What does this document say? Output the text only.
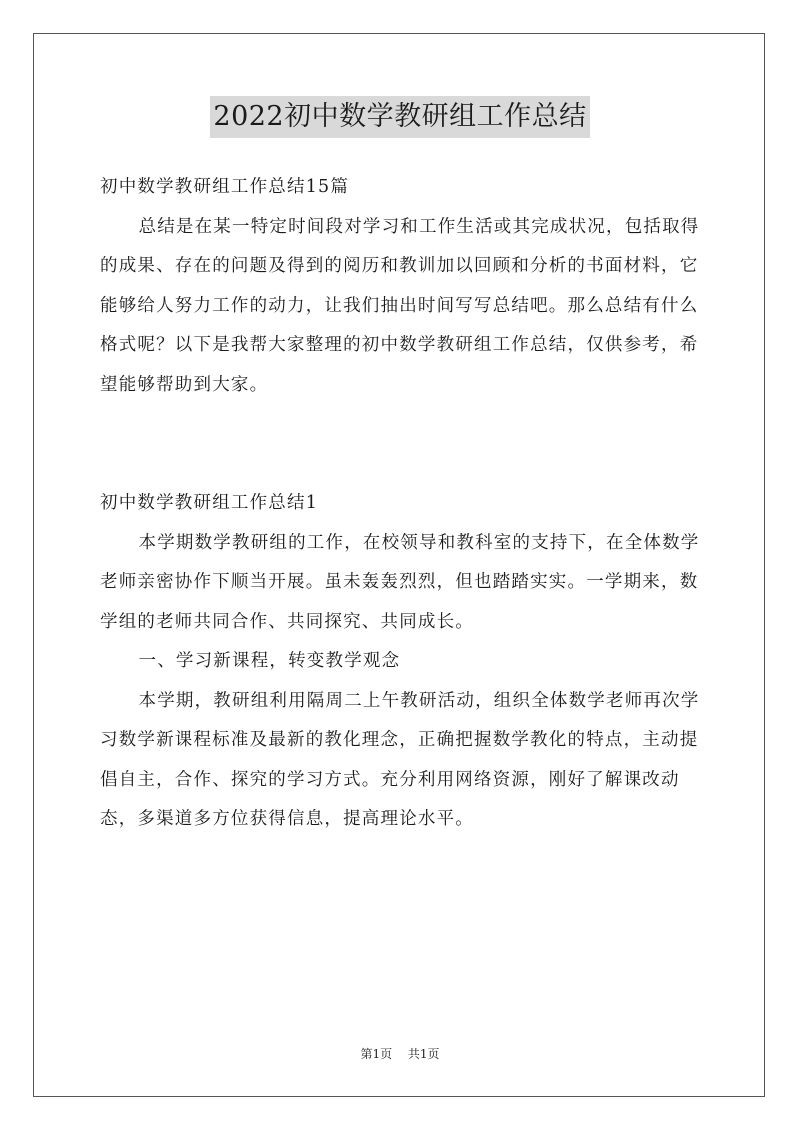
2022初中数学教研组工作总结

初中数学教研组工作总结15篇

总结是在某一特定时间段对学习和工作生活或其完成状况，包括取得的成果、存在的问题及得到的阅历和教训加以回顾和分析的书面材料，它能够给人努力工作的动力，让我们抽出时间写写总结吧。那么总结有什么格式呢？以下是我帮大家整理的初中数学教研组工作总结，仅供参考，希望能够帮助到大家。

初中数学教研组工作总结1

本学期数学教研组的工作，在校领导和教科室的支持下，在全体数学老师亲密协作下顺当开展。虽未轰轰烈烈，但也踏踏实实。一学期来，数学组的老师共同合作、共同探究、共同成长。

一、学习新课程，转变教学观念

本学期，教研组利用隔周二上午教研活动，组织全体数学老师再次学习数学新课程标准及最新的教化理念，正确把握数学教化的特点，主动提倡自主，合作、探究的学习方式。充分利用网络资源，刚好了解课改动态，多渠道多方位获得信息，提高理论水平。

第1页 共1页
